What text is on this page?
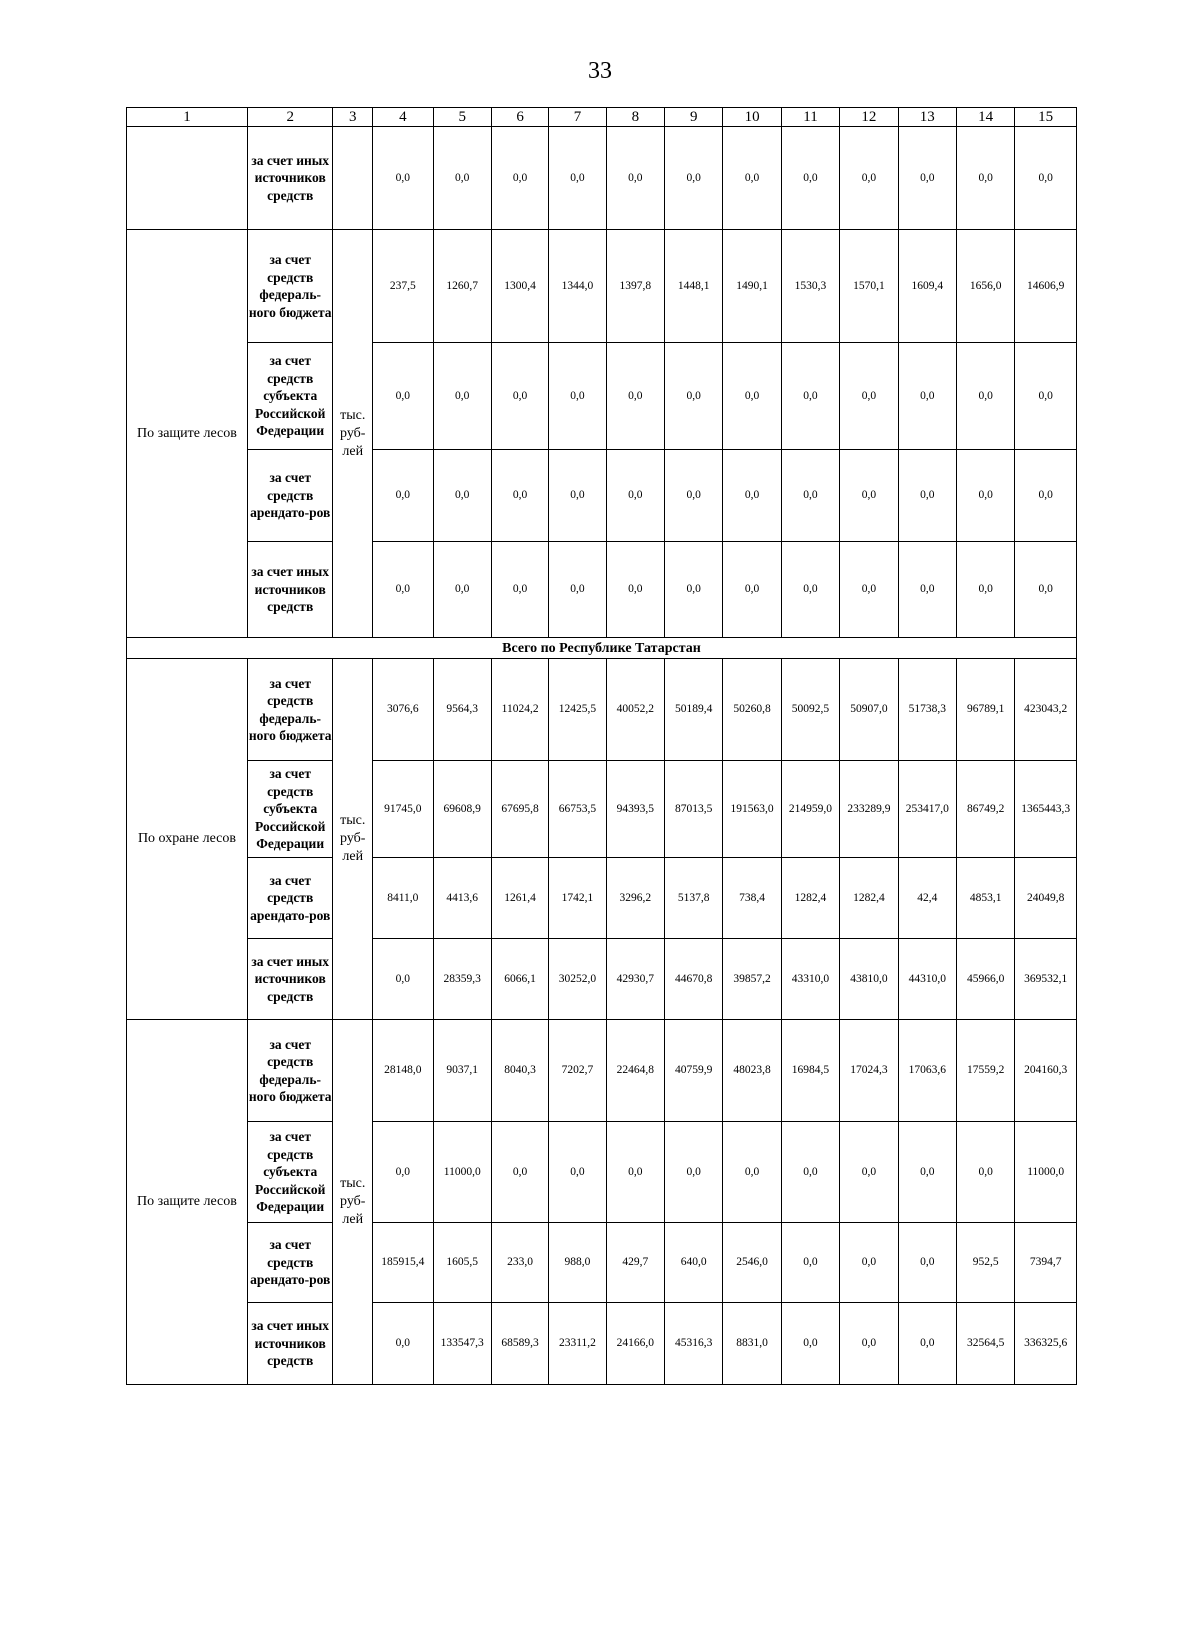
33
1	2	3	4	5	6	7	8	9	10	11	12	13	14	15
	за счет иных источников средств		0,0	0,0	0,0	0,0	0,0	0,0	0,0	0,0	0,0	0,0	0,0	0,0
По защите лесов	за счет средств федераль-ного бюджета	тыс. руб-лей	237,5	1260,7	1300,4	1344,0	1397,8	1448,1	1490,1	1530,3	1570,1	1609,4	1656,0	14606,9
	за счет средств субъекта Российской Федерации		0,0	0,0	0,0	0,0	0,0	0,0	0,0	0,0	0,0	0,0	0,0	0,0
	за счет средств арендато-ров		0,0	0,0	0,0	0,0	0,0	0,0	0,0	0,0	0,0	0,0	0,0	0,0
	за счет иных источников средств		0,0	0,0	0,0	0,0	0,0	0,0	0,0	0,0	0,0	0,0	0,0	0,0
Всего по Республике Татарстан														
По охране лесов	за счет средств федераль-ного бюджета	тыс. руб-лей	3076,6	9564,3	11024,2	12425,5	40052,2	50189,4	50260,8	50092,5	50907,0	51738,3	96789,1	423043,2
	за счет средств субъекта Российской Федерации		91745,0	69608,9	67695,8	66753,5	94393,5	87013,5	191563,0	214959,0	233289,9	253417,0	86749,2	1365443,3
	за счет средств арендато-ров		8411,0	4413,6	1261,4	1742,1	3296,2	5137,8	738,4	1282,4	1282,4	42,4	4853,1	24049,8
	за счет иных источников средств		0,0	28359,3	6066,1	30252,0	42930,7	44670,8	39857,2	43310,0	43810,0	44310,0	45966,0	369532,1
По защите лесов	за счет средств федераль-ного бюджета	тыс. руб-лей	28148,0	9037,1	8040,3	7202,7	22464,8	40759,9	48023,8	16984,5	17024,3	17063,6	17559,2	204160,3
	за счет средств субъекта Российской Федерации		0,0	11000,0	0,0	0,0	0,0	0,0	0,0	0,0	0,0	0,0	0,0	11000,0
	за счет средств арендато-ров		185915,4	1605,5	233,0	988,0	429,7	640,0	2546,0	0,0	0,0	0,0	952,5	7394,7
	за счет иных источников средств		0,0	133547,3	68589,3	23311,2	24166,0	45316,3	8831,0	0,0	0,0	0,0	32564,5	336325,6
